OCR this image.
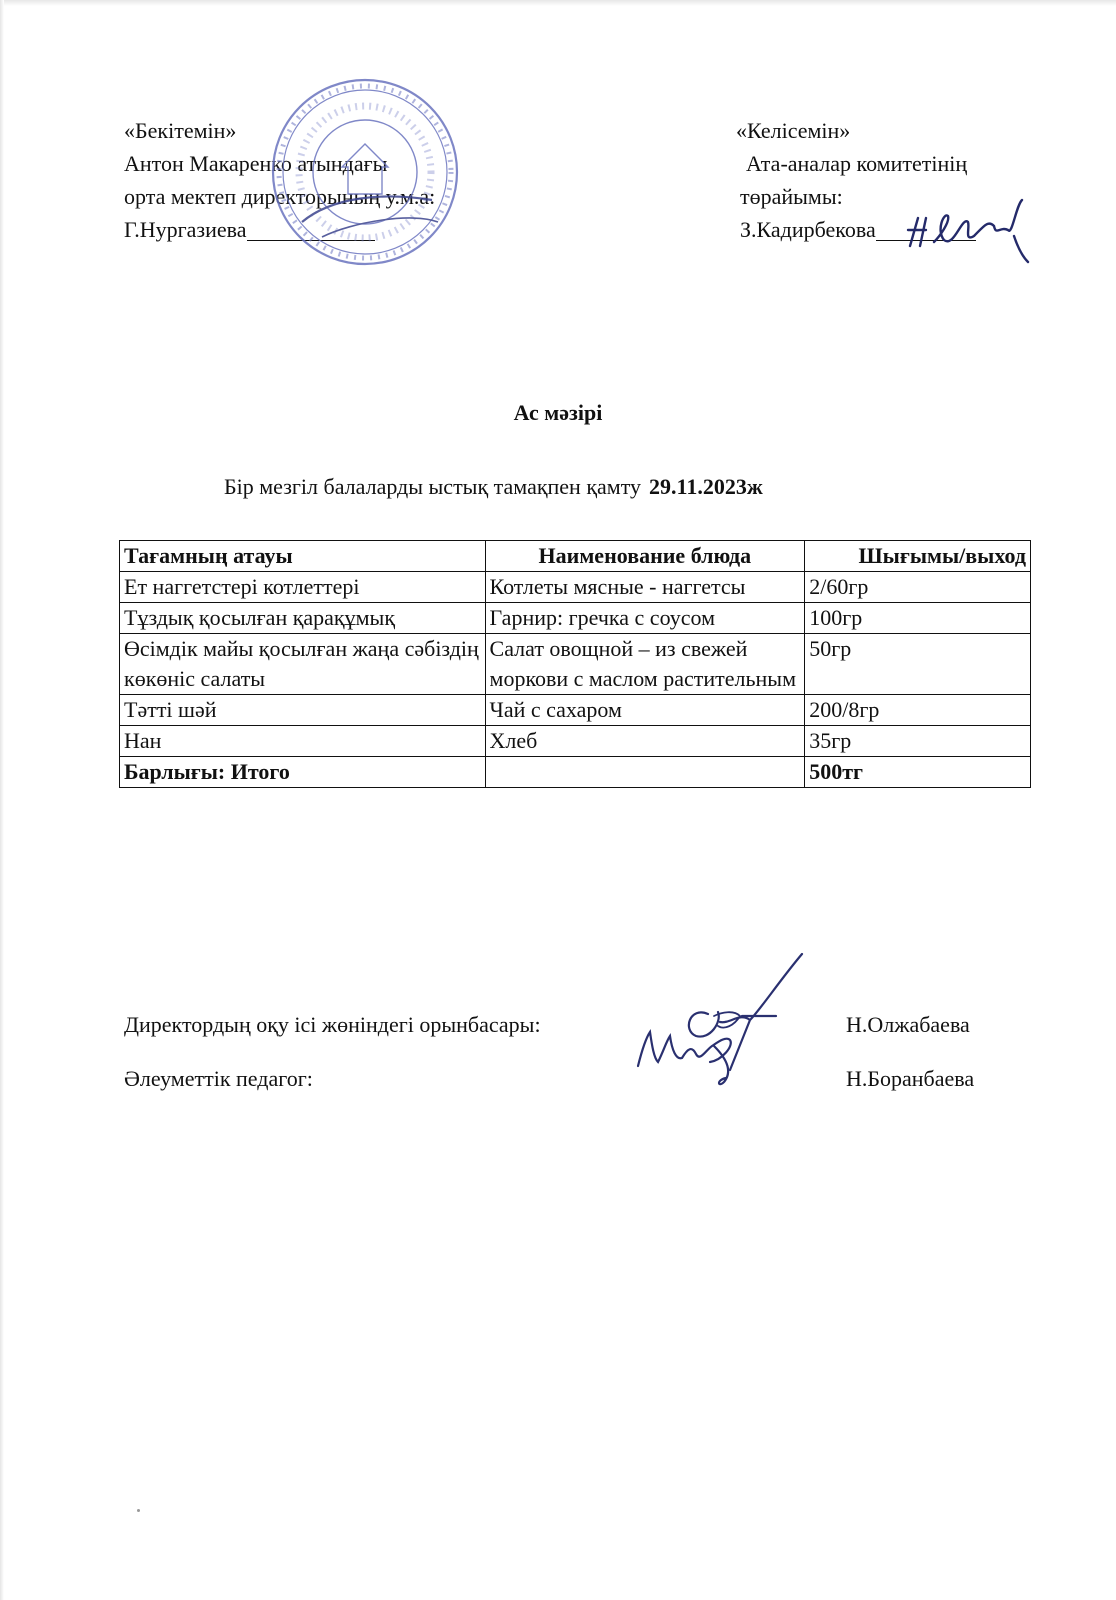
«Бекітемін»
Антон Макаренко атындағы
орта мектеп директорының у.м.а:
Г.Нургазиева
«Келісемін»
Ата-аналар комитетінің
төрайымы:
З.Кадирбекова
Ас мәзірі
Бір мезгіл балаларды ыстық тамақпен қамту 29.11.2023ж
Тағамның атауы	Наименование блюда	Шығымы/выход
Ет наггетстері котлеттері	Котлеты мясные - наггетсы	2/60гр
Тұздық қосылған қарақұмық	Гарнир: гречка с соусом	100гр
Өсімдік майы қосылған жаңа сәбіздің көкөніс салаты	Салат овощной – из свежей моркови с маслом растительным	50гр
Тәтті шәй	Чай с сахаром	200/8гр
Нан	Хлеб	35гр
Барлығы: Итого		500тг
Директордың оқу ісі жөніндегі орынбасары:	Н.Олжабаева
Әлеуметтік педагог:	Н.Боранбаева
